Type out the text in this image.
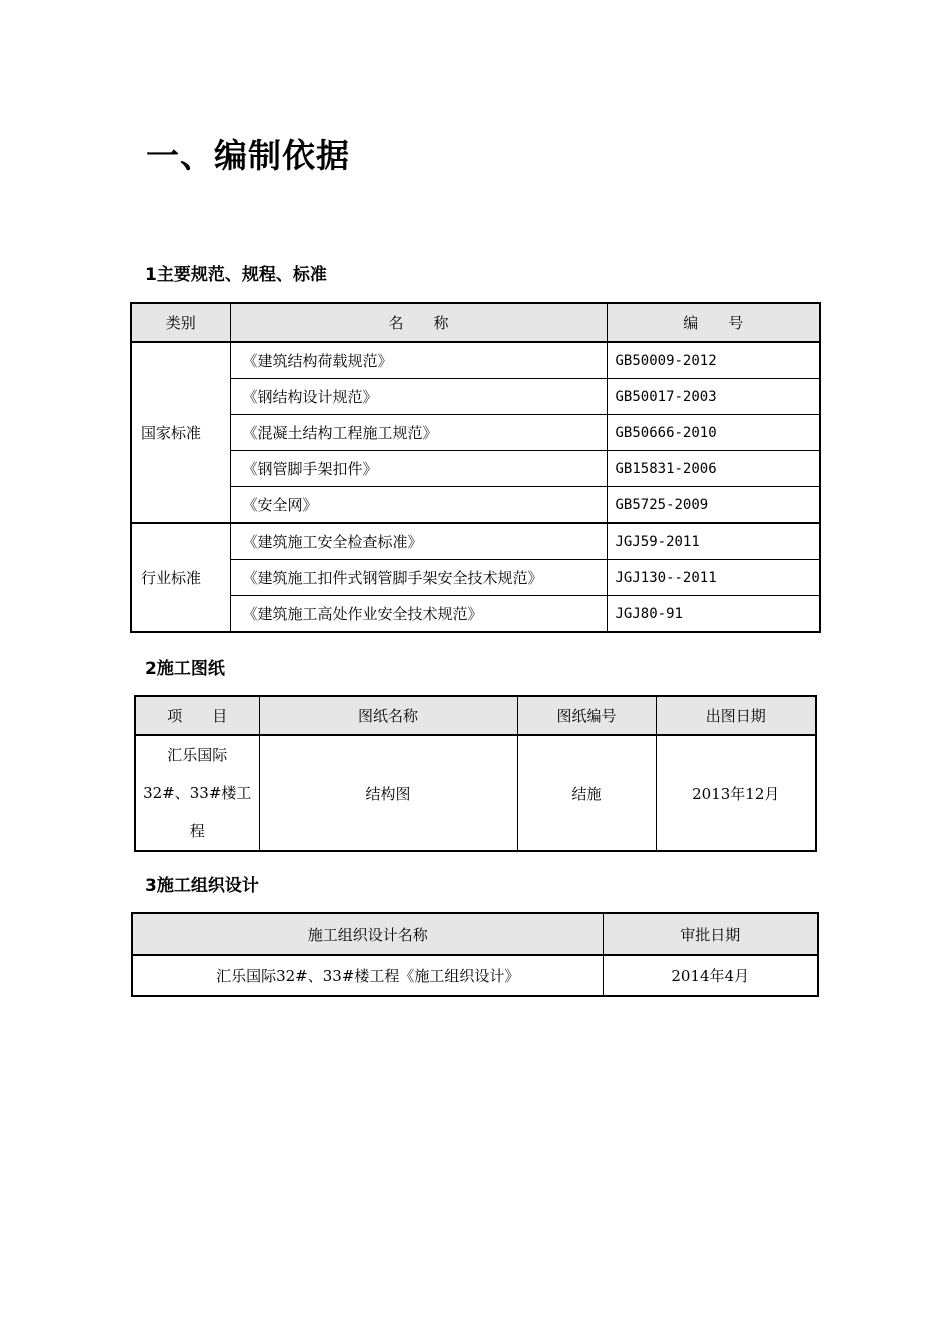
一、编制依据
1主要规范、规程、标准
类别	名　　称	编　　号
国家标准	《建筑结构荷载规范》	GB50009-2012
	《钢结构设计规范》	GB50017-2003
	《混凝土结构工程施工规范》	GB50666-2010
	《钢管脚手架扣件》	GB15831-2006
	《安全网》	GB5725-2009
行业标准	《建筑施工安全检查标准》	JGJ59-2011
	《建筑施工扣件式钢管脚手架安全技术规范》	JGJ130--2011
	《建筑施工高处作业安全技术规范》	JGJ80-91
2施工图纸
项　　目	图纸名称	图纸编号	出图日期

汇乐国际
32#、33#楼工
程	结构图	结施	2013年12月
3施工组织设计
施工组织设计名称	审批日期
汇乐国际32#、33#楼工程《施工组织设计》	2014年4月
